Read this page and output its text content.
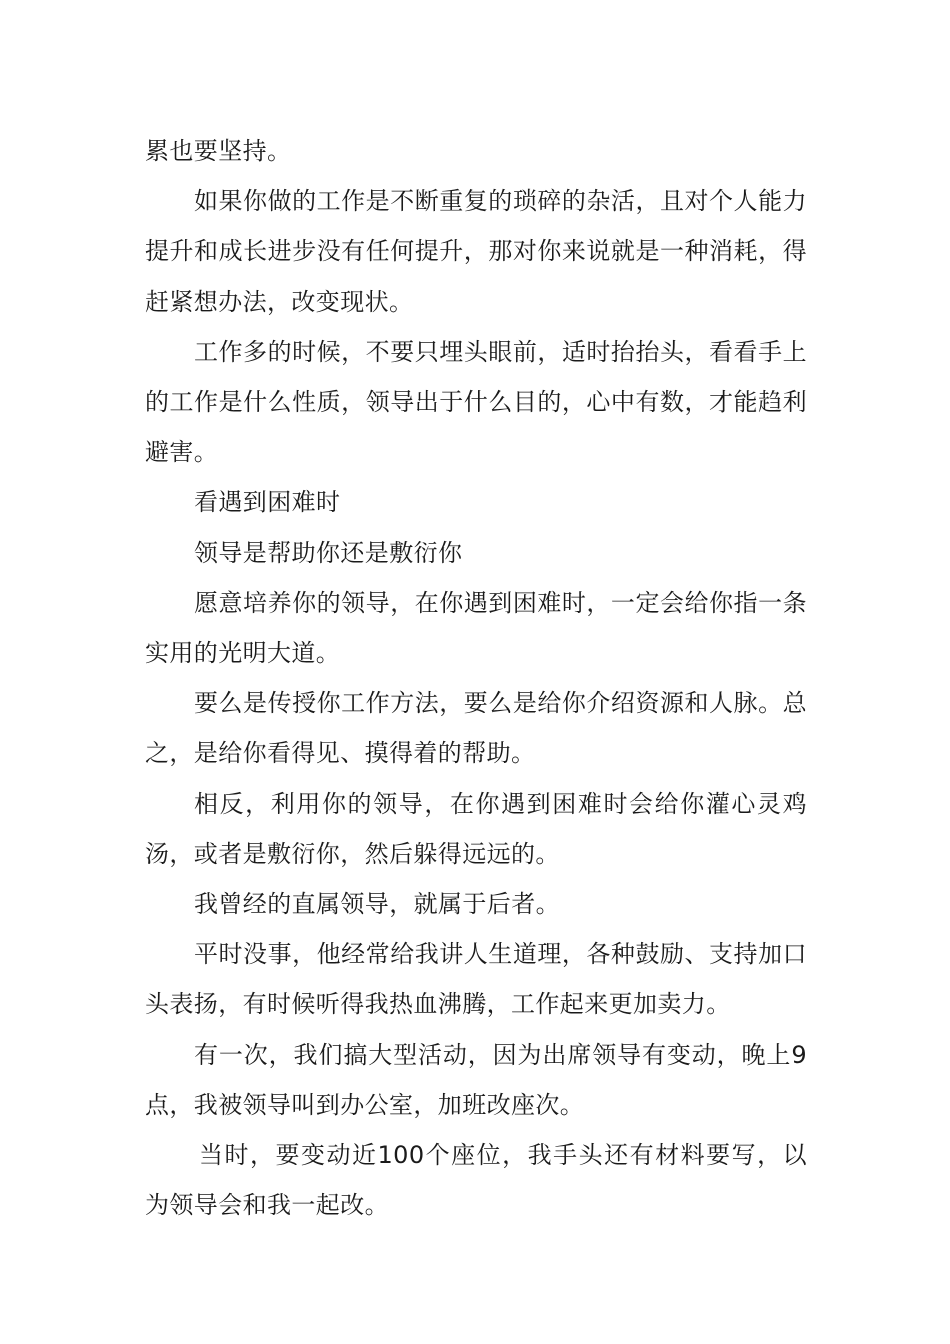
累也要坚持。

如果你做的工作是不断重复的琐碎的杂活，且对个人能力提升和成长进步没有任何提升，那对你来说就是一种消耗，得赶紧想办法，改变现状。

工作多的时候，不要只埋头眼前，适时抬抬头，看看手上的工作是什么性质，领导出于什么目的，心中有数，才能趋利避害。

看遇到困难时

领导是帮助你还是敷衍你

愿意培养你的领导，在你遇到困难时，一定会给你指一条实用的光明大道。

要么是传授你工作方法，要么是给你介绍资源和人脉。总之，是给你看得见、摸得着的帮助。

相反，利用你的领导，在你遇到困难时会给你灌心灵鸡汤，或者是敷衍你，然后躲得远远的。

我曾经的直属领导，就属于后者。

平时没事，他经常给我讲人生道理，各种鼓励、支持加口头表扬，有时候听得我热血沸腾，工作起来更加卖力。

有一次，我们搞大型活动，因为出席领导有变动，晚上9点，我被领导叫到办公室，加班改座次。

当时，要变动近100个座位，我手头还有材料要写，以为领导会和我一起改。
